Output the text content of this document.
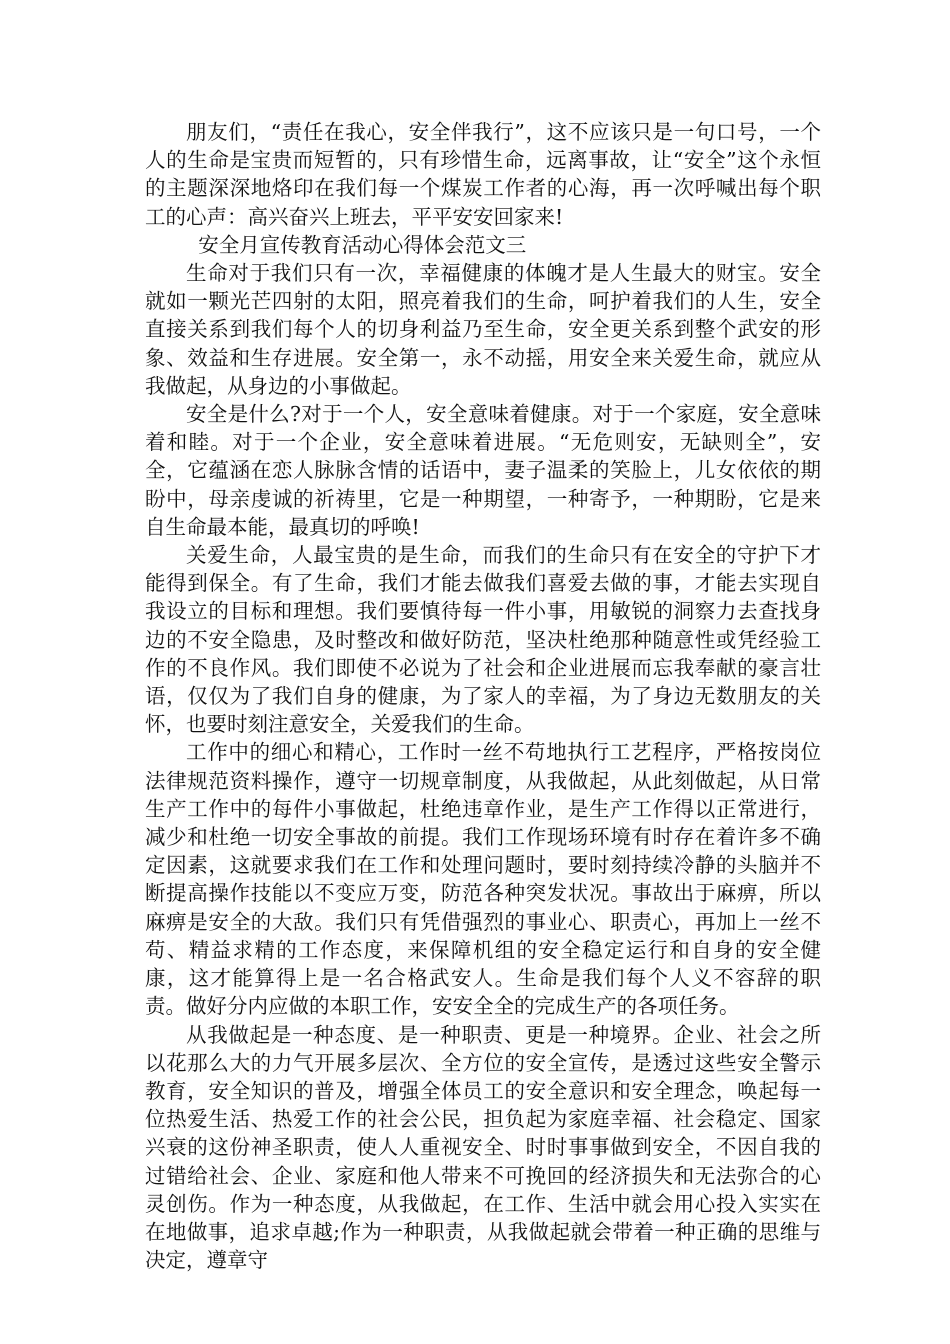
朋友们，“责任在我心，安全伴我行”，这不应该只是一句口号，一个人的生命是宝贵而短暂的，只有珍惜生命，远离事故，让“安全”这个永恒的主题深深地烙印在我们每一个煤炭工作者的心海，再一次呼喊出每个职工的心声：高兴奋兴上班去，平平安安回家来!

安全月宣传教育活动心得体会范文三

生命对于我们只有一次，幸福健康的体魄才是人生最大的财宝。安全就如一颗光芒四射的太阳，照亮着我们的生命，呵护着我们的人生，安全直接关系到我们每个人的切身利益乃至生命，安全更关系到整个武安的形象、效益和生存进展。安全第一，永不动摇，用安全来关爱生命，就应从我做起，从身边的小事做起。

安全是什么?对于一个人，安全意味着健康。对于一个家庭，安全意味着和睦。对于一个企业，安全意味着进展。“无危则安，无缺则全”，安全，它蕴涵在恋人脉脉含情的话语中，妻子温柔的笑脸上，儿女依依的期盼中，母亲虔诚的祈祷里，它是一种期望，一种寄予，一种期盼，它是来自生命最本能，最真切的呼唤!

关爱生命，人最宝贵的是生命，而我们的生命只有在安全的守护下才能得到保全。有了生命，我们才能去做我们喜爱去做的事，才能去实现自我设立的目标和理想。我们要慎待每一件小事，用敏锐的洞察力去查找身边的不安全隐患，及时整改和做好防范，坚决杜绝那种随意性或凭经验工作的不良作风。我们即使不必说为了社会和企业进展而忘我奉献的豪言壮语，仅仅为了我们自身的健康，为了家人的幸福，为了身边无数朋友的关怀，也要时刻注意安全，关爱我们的生命。

工作中的细心和精心，工作时一丝不苟地执行工艺程序，严格按岗位法律规范资料操作，遵守一切规章制度，从我做起，从此刻做起，从日常生产工作中的每件小事做起，杜绝违章作业，是生产工作得以正常进行，减少和杜绝一切安全事故的前提。我们工作现场环境有时存在着许多不确定因素，这就要求我们在工作和处理问题时，要时刻持续冷静的头脑并不断提高操作技能以不变应万变，防范各种突发状况。事故出于麻痹，所以麻痹是安全的大敌。我们只有凭借强烈的事业心、职责心，再加上一丝不苟、精益求精的工作态度，来保障机组的安全稳定运行和自身的安全健康，这才能算得上是一名合格武安人。生命是我们每个人义不容辞的职责。做好分内应做的本职工作，安安全全的完成生产的各项任务。

从我做起是一种态度、是一种职责、更是一种境界。企业、社会之所以花那么大的力气开展多层次、全方位的安全宣传，是透过这些安全警示教育，安全知识的普及，增强全体员工的安全意识和安全理念，唤起每一位热爱生活、热爱工作的社会公民，担负起为家庭幸福、社会稳定、国家兴衰的这份神圣职责，使人人重视安全、时时事事做到安全，不因自我的过错给社会、企业、家庭和他人带来不可挽回的经济损失和无法弥合的心灵创伤。作为一种态度，从我做起，在工作、生活中就会用心投入实实在在地做事，追求卓越;作为一种职责，从我做起就会带着一种正确的思维与决定，遵章守
